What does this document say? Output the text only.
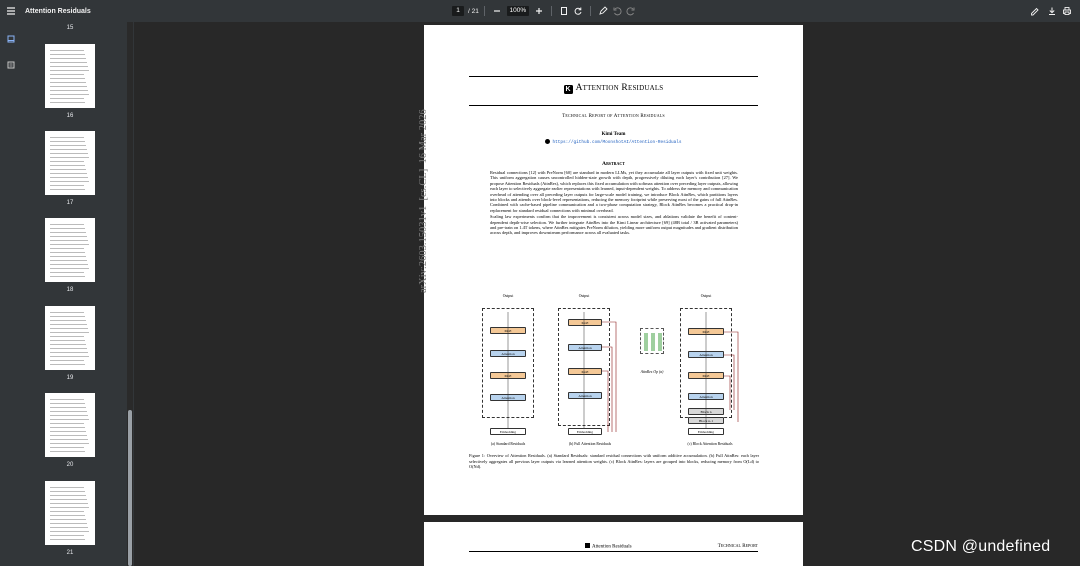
Attention Residuals	1	/ 21	100%
15
16
17
18
19
20
21
K Attention Residuals
Technical Report of Attention Residuals
Kimi Team
https://github.com/MoonshotAI/Attention-Residuals
arXiv:2603.15031v1  [cs.CL]  16 Mar 2026	Abstract

Residual connections [12] with PreNorm [60] are standard in modern LLMs, yet they accumulate all layer outputs with fixed unit weights. This uniform aggregation causes uncontrolled hidden-state growth with depth, progressively diluting each layer's contribution [27]. We propose Attention Residuals (AttnRes), which replaces this fixed accumulation with softmax attention over preceding layer outputs, allowing each layer to selectively aggregate earlier representations with learned, input-dependent weights. To address the memory and communication overhead of attending over all preceding layer outputs for large-scale model training, we introduce Block AttnRes, which partitions layers into blocks and attends over block-level representations, reducing the memory footprint while preserving most of the gains of full AttnRes. Combined with cache-based pipeline communication and a two-phase computation strategy, Block AttnRes becomes a practical drop-in replacement for standard residual connections with minimal overhead.

Scaling law experiments confirm that the improvement is consistent across model sizes, and ablations validate the benefit of content-dependent depth-wise selection. We further integrate AttnRes into the Kimi Linear architecture [69] (48B total / 3B activated parameters) and pre-train on 1.4T tokens, where AttnRes mitigates PreNorm dilution, yielding more uniform output magnitudes and gradient distribution across depth, and improves downstream performance across all evaluated tasks.

Output
MoE
Attention
MoE
Attention
Embedding
(a) Standard Residuals
Output
MoE
Attention
MoE
Attention
Embedding
(b) Full Attention Residuals
AttnRes Op (α)
Output
MoE
Attention
MoE
Attention
Block n
Block n-1
Embedding
(c) Block Attention Residuals
Figure 1: Overview of Attention Residuals. (a) Standard Residuals: standard residual connections with uniform additive accumulation. (b) Full AttnRes: each layer selectively aggregates all previous layer outputs via learned attention weights. (c) Block AttnRes: layers are grouped into blocks, reducing memory from O(Ld) to O(Nd).
Attention Residuals	Technical Report	CSDN @undefined
